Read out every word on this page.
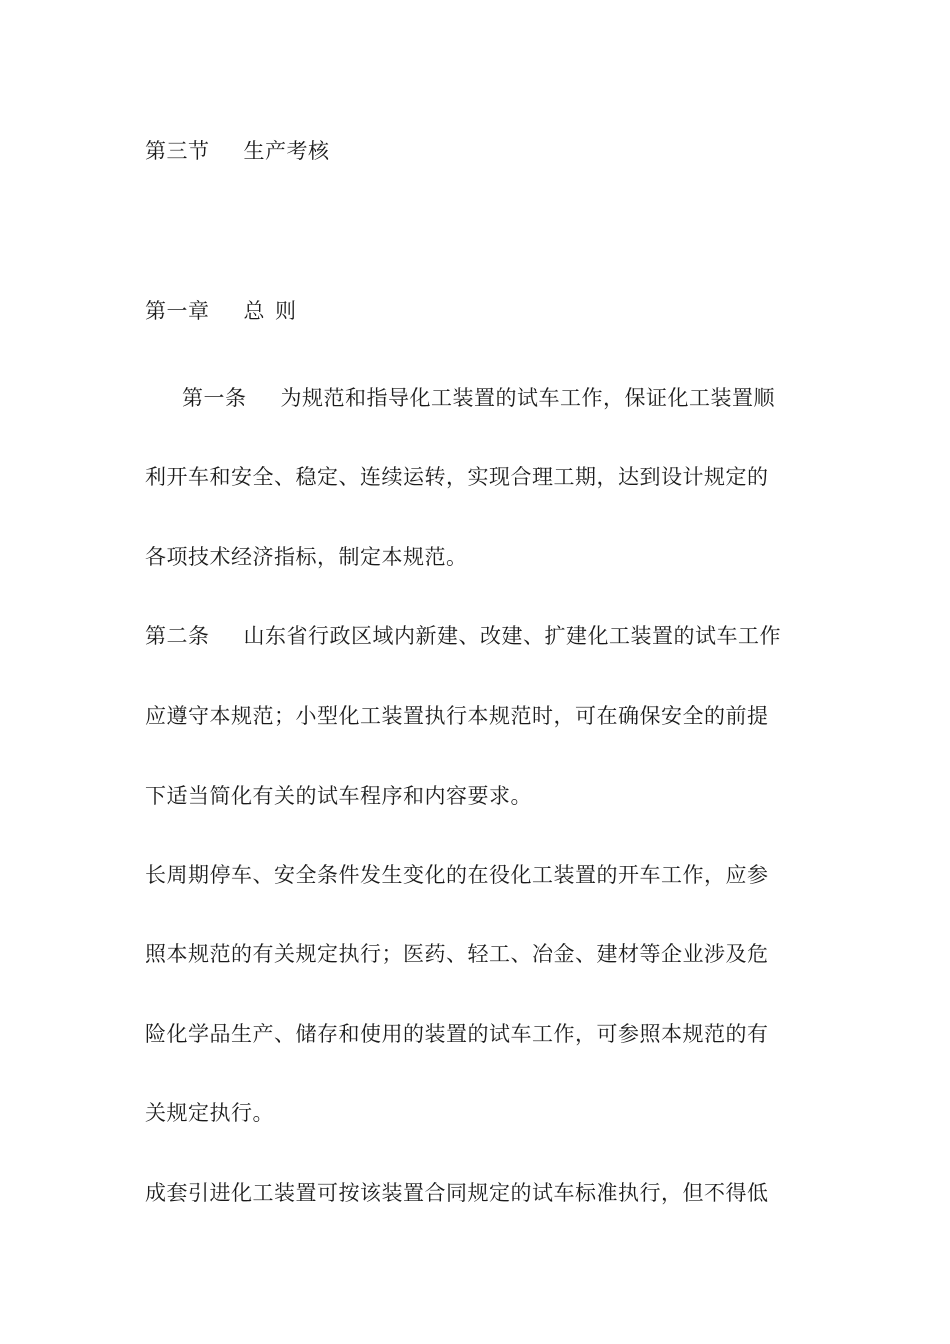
第三节 生产考核
第一章 总 则
第一条 为规范和指导化工装置的试车工作，保证化工装置顺
利开车和安全、稳定、连续运转，实现合理工期，达到设计规定的
各项技术经济指标，制定本规范。
第二条 山东省行政区域内新建、改建、扩建化工装置的试车工作
应遵守本规范；小型化工装置执行本规范时，可在确保安全的前提
下适当简化有关的试车程序和内容要求。
长周期停车、安全条件发生变化的在役化工装置的开车工作，应参
照本规范的有关规定执行；医药、轻工、冶金、建材等企业涉及危
险化学品生产、储存和使用的装置的试车工作，可参照本规范的有
关规定执行。
成套引进化工装置可按该装置合同规定的试车标准执行，但不得低
